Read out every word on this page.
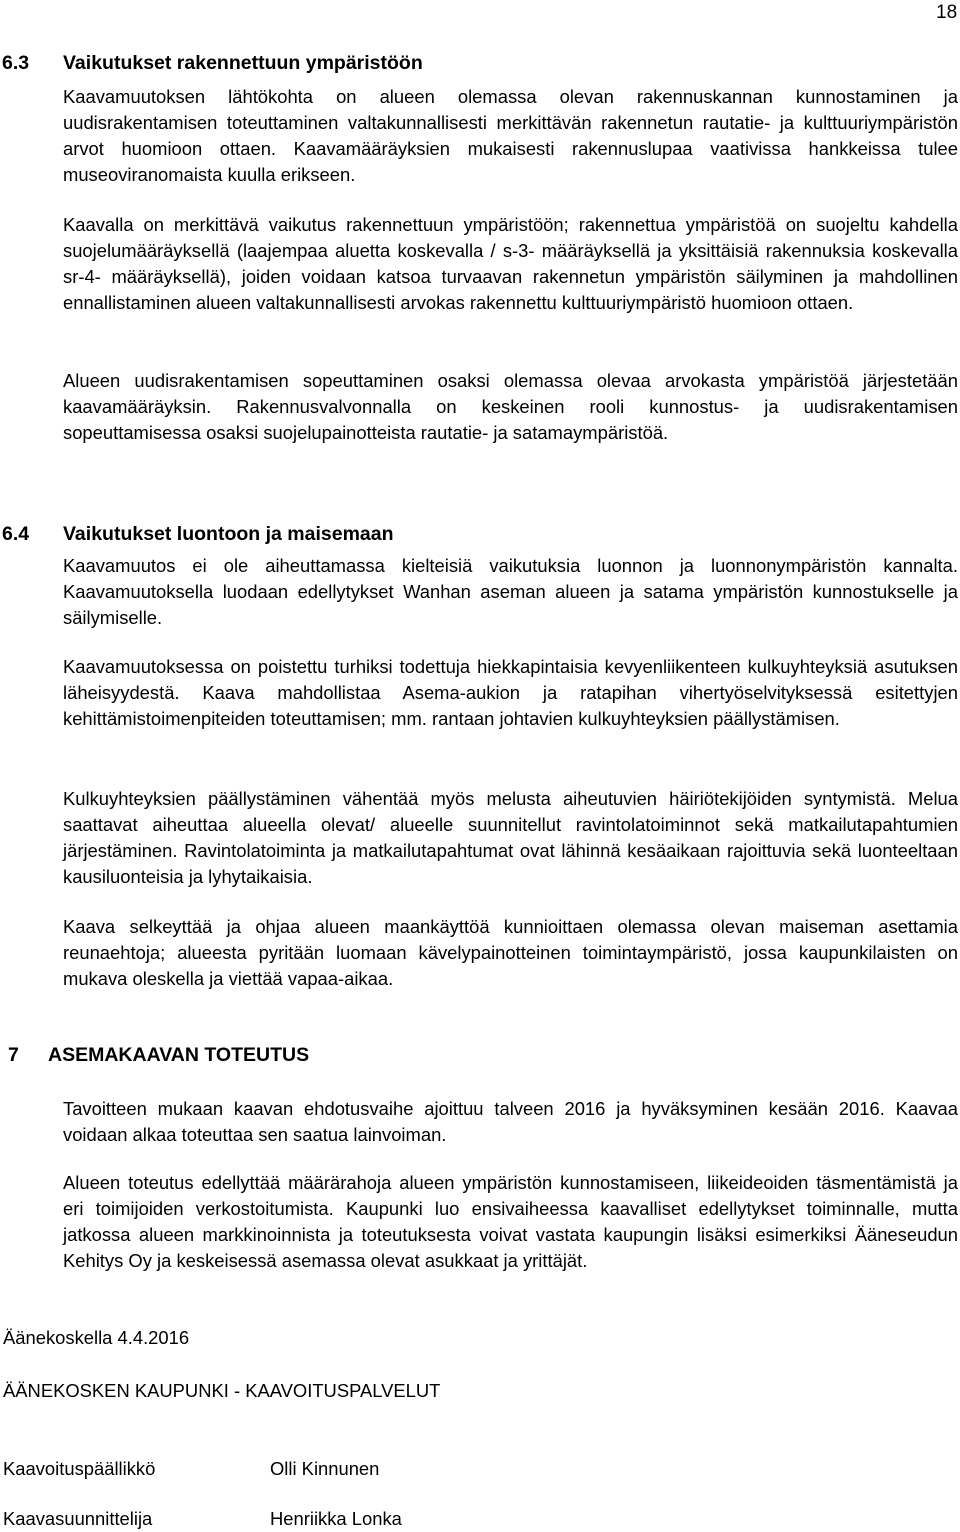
18
6.3 Vaikutukset rakennettuun ympäristöön

Kaavamuutoksen lähtökohta on alueen olemassa olevan rakennuskannan kunnostaminen ja uudisrakentamisen toteuttaminen valtakunnallisesti merkittävän rakennetun rautatie- ja kulttuuriympäristön arvot huomioon ottaen. Kaavamääräyksien mukaisesti rakennuslupaa vaativissa hankkeissa tulee museoviranomaista kuulla erikseen.

Kaavalla on merkittävä vaikutus rakennettuun ympäristöön; rakennettua ympäristöä on suojeltu kahdella suojelumääräyksellä (laajempaa aluetta koskevalla / s-3- määräyksellä ja yksittäisiä rakennuksia koskevalla sr-4- määräyksellä), joiden voidaan katsoa turvaavan rakennetun ympäristön säilyminen ja mahdollinen ennallistaminen alueen valtakunnallisesti arvokas rakennettu kulttuuriympäristö huomioon ottaen.

Alueen uudisrakentamisen sopeuttaminen osaksi olemassa olevaa arvokasta ympäristöä järjestetään kaavamääräyksin. Rakennusvalvonnalla on keskeinen rooli kunnostus- ja uudisrakentamisen sopeuttamisessa osaksi suojelupainotteista rautatie- ja satamaympäristöä.

6.4 Vaikutukset luontoon ja maisemaan

Kaavamuutos ei ole aiheuttamassa kielteisiä vaikutuksia luonnon ja luonnonympäristön kannalta. Kaavamuutoksella luodaan edellytykset Wanhan aseman alueen ja satama ympäristön kunnostukselle ja säilymiselle.

Kaavamuutoksessa on poistettu turhiksi todettuja hiekkapintaisia kevyenliikenteen kulkuyhteyksiä asutuksen läheisyydestä. Kaava mahdollistaa Asema-aukion ja ratapihan vihertyöselvityksessä esitettyjen kehittämistoimenpiteiden toteuttamisen; mm. rantaan johtavien kulkuyhteyksien päällystämisen.

Kulkuyhteyksien päällystäminen vähentää myös melusta aiheutuvien häiriötekijöiden syntymistä. Melua saattavat aiheuttaa alueella olevat/ alueelle suunnitellut ravintolatoiminnot sekä matkailutapahtumien järjestäminen. Ravintolatoiminta ja matkailutapahtumat ovat lähinnä kesäaikaan rajoittuvia sekä luonteeltaan kausiluonteisia ja lyhytaikaisia.

Kaava selkeyttää ja ohjaa alueen maankäyttöä kunnioittaen olemassa olevan maiseman asettamia reunaehtoja; alueesta pyritään luomaan kävelypainotteinen toimintaympäristö, jossa kaupunkilaisten on mukava oleskella ja viettää vapaa-aikaa.

7 ASEMAKAAVAN TOTEUTUS

Tavoitteen mukaan kaavan ehdotusvaihe ajoittuu talveen 2016 ja hyväksyminen kesään 2016. Kaavaa voidaan alkaa toteuttaa sen saatua lainvoiman.

Alueen toteutus edellyttää määrärahoja alueen ympäristön kunnostamiseen, liikeideoiden täsmentämistä ja eri toimijoiden verkostoitumista. Kaupunki luo ensivaiheessa kaavalliset edellytykset toiminnalle, mutta jatkossa alueen markkinoinnista ja toteutuksesta voivat vastata kaupungin lisäksi esimerkiksi Ääneseudun Kehitys Oy ja keskeisessä asemassa olevat asukkaat ja yrittäjät.

Äänekoskella 4.4.2016
ÄÄNEKOSKEN KAUPUNKI - KAAVOITUSPALVELUT
Kaavoituspäällikkö	Olli Kinnunen
Kaavasuunnittelija	Henriikka Lonka
